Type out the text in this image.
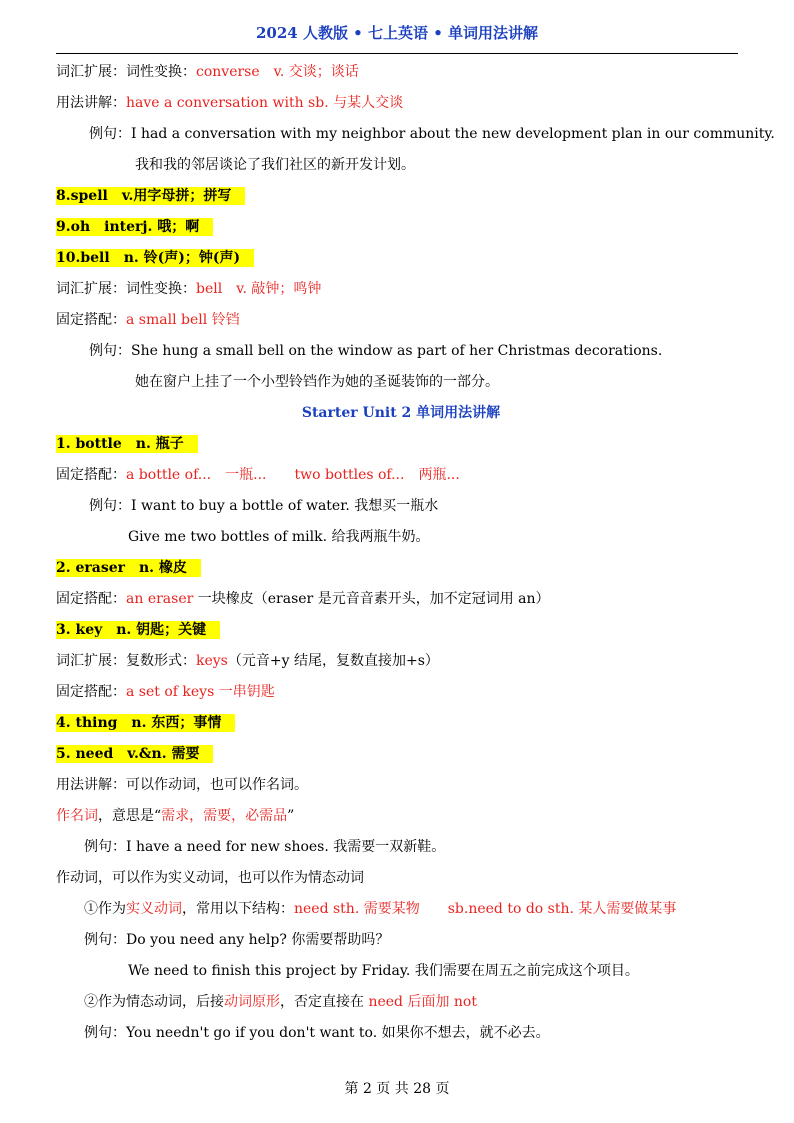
2024 人教版 • 七上英语 • 单词用法讲解
词汇扩展：词性变换：converse　v. 交谈；谈话
用法讲解：have a conversation with sb. 与某人交谈
例句：I had a conversation with my neighbor about the new development plan in our community.
我和我的邻居谈论了我们社区的新开发计划。
8.spell　v.用字母拼；拼写
9.oh　interj. 哦；啊
10.bell　n. 铃(声)；钟(声)
词汇扩展：词性变换：bell　v. 敲钟；鸣钟
固定搭配：a small bell 铃铛
例句：She hung a small bell on the window as part of her Christmas decorations.
她在窗户上挂了一个小型铃铛作为她的圣诞装饰的一部分。
Starter Unit 2 单词用法讲解
1. bottle　n. 瓶子
固定搭配：a bottle of...　一瓶...　　two bottles of...　两瓶...
例句：I want to buy a bottle of water. 我想买一瓶水
Give me two bottles of milk. 给我两瓶牛奶。
2. eraser　n. 橡皮
固定搭配：an eraser 一块橡皮（eraser 是元音音素开头，加不定冠词用 an）
3. key　n. 钥匙；关键
词汇扩展：复数形式：keys（元音+y 结尾，复数直接加+s）
固定搭配：a set of keys 一串钥匙
4. thing　n. 东西；事情
5. need　v.&n. 需要
用法讲解：可以作动词，也可以作名词。
作名词，意思是“需求，需要，必需品”
例句：I have a need for new shoes. 我需要一双新鞋。
作动词，可以作为实义动词，也可以作为情态动词
①作为实义动词，常用以下结构：need sth. 需要某物　　sb.need to do sth. 某人需要做某事
例句：Do you need any help? 你需要帮助吗？
We need to finish this project by Friday. 我们需要在周五之前完成这个项目。
②作为情态动词，后接动词原形，否定直接在 need 后面加 not
例句：You needn't go if you don't want to. 如果你不想去，就不必去。
第 2 页 共 28 页
